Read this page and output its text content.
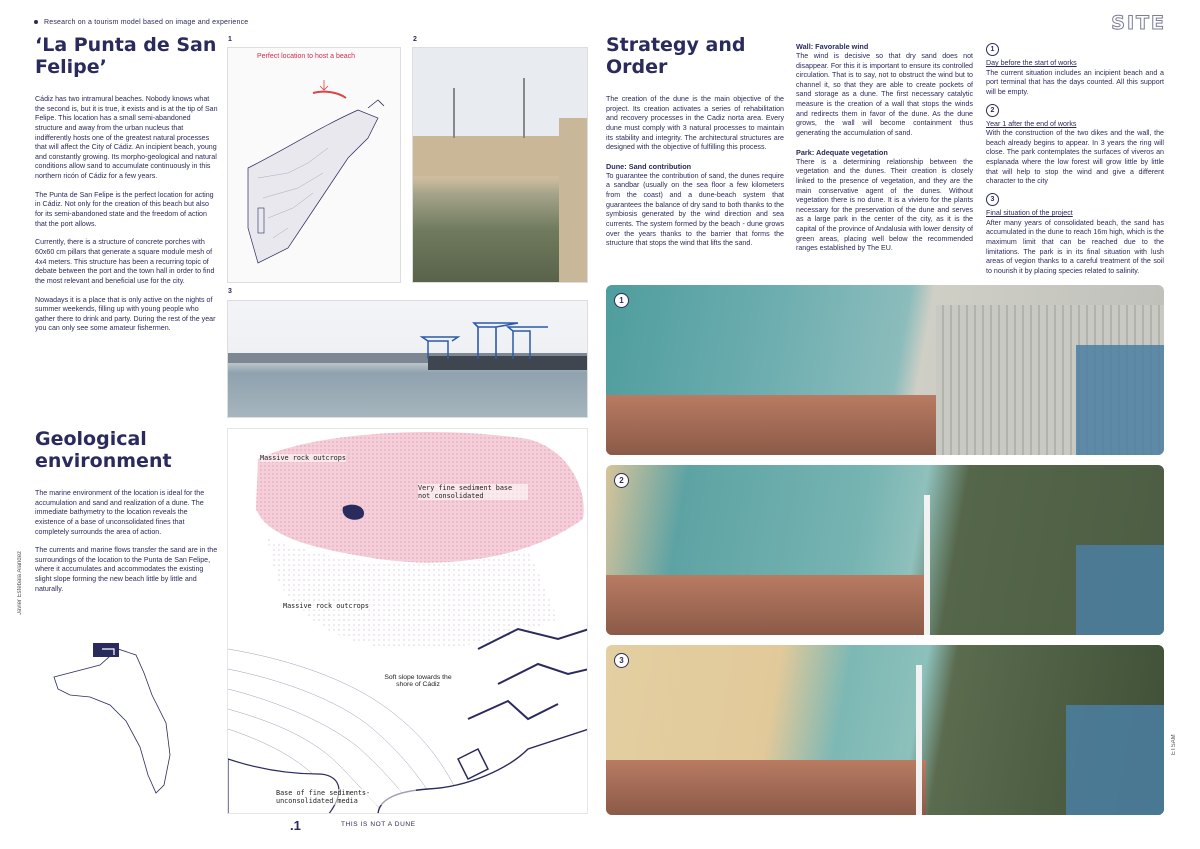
Research on a tourism model based on image and experience	SITE
‘La Punta de San Felipe’

Cádiz has two intramural beaches. Nobody knows what the second is, but it is true, it exists and is at the tip of San Felipe. This location has a small semi-abandoned structure and away from the urban nucleus that indifferently hosts one of the greatest natural processes that will affect the City of Cádiz. An incipient beach, young and constantly growing. Its morpho-geological and natural conditions allow sand to accumulate continuously in this northern ricón of Cádiz for a few years.

The Punta de San Felipe is the perfect location for acting in Cádiz. Not only for the creation of this beach but also for its semi-abandoned state and the freedom of action that the port allows.

Currently, there is a structure of concrete porches with 60x60 cm pillars that generate a square module mesh of 4x4 meters. This structure has been a recurring topic of debate between the port and the town hall in order to find the most relevant and beneficial use for the city.

Nowadays it is a place that is only active on the nights of summer weekends, filling up with young people who gather there to drink and party. During the rest of the year you can only see some amateur fishermen.

Geological environment

The marine environment of the location is ideal for the accumulation and sand and realization of a dune. The immediate bathymetry to the location reveals the existence of a base of unconsolidated fines that completely surrounds the area of action.

The currents and marine flows transfer the sand are in the surroundings of the location to the Punta de San Felipe, where it accumulates and accommodates the existing slight slope forming the new beach little by little and naturally.

Javier Estebala Alandez
1
Perfect location to host a beach
2
3
Massive rock outcrops
Very fine sediment base not consolidated
Massive rock outcrops
Soft slope towards the shore of Cádiz
Base of fine sediments-unconsolidated media
.1	THIS IS NOT A DUNE
ETSAM
Strategy and Order

The creation of the dune is the main objective of the project. Its creation activates a series of rehabilitation and recovery processes in the Cadiz norta area. Every dune must comply with 3 natural processes to maintain its stability and integrity. The architectural structures are designed with the objective of fulfilling this process.

Dune: Sand contribution

To guarantee the contribution of sand, the dunes require a sandbar (usually on the sea floor a few kilometers from the coast) and a dune-beach system that guarantees the balance of dry sand to both thanks to the symbiosis generated by the wind direction and sea currents. The system formed by the beach - dune grows over the years thanks to the barrier that forms the structure that stops the wind that lifts the sand.

Wall: Favorable wind

The wind is decisive so that dry sand does not disappear. For this it is important to ensure its controlled circulation. That is to say, not to obstruct the wind but to channel it, so that they are able to create pockets of sand storage as a dune. The first necessary catalytic measure is the creation of a wall that stops the winds and redirects them in favor of the dune. As the dune grows, the wall will become containment thus generating the accumulation of sand.

Park: Adequate vegetation

There is a determining relationship between the vegetation and the dunes. Their creation is closely linked to the presence of vegetation, and they are the main conservative agent of the dunes. Without vegetation there is no dune. It is a viviero for the plants necessary for the preservation of the dune and serves as a large park in the center of the city, as it is the capital of the province of Andalusia with lower density of green areas, placing well below the recommended ranges established by The EU.

1

Day before the start of works

The current situation includes an incipient beach and a port terminal that has the days counted. All this support will be empty.

2

Year 1 after the end of works

With the construction of the two dikes and the wall, the beach already begins to appear. In 3 years the ring will close. The park contemplates the surfaces of viveros an esplanada where the low forest will grow little by little that will help to stop the wind and give a different character to the city

3

Final situation of the project

After many years of consolidated beach, the sand has accumulated in the dune to reach 16m high, which is the maximum limit that can be reached due to the limitations. The park is in its final situation with lush areas of vegion thanks to a careful treatment of the soil to nourish it by placing species related to salinity.

1
2
3
